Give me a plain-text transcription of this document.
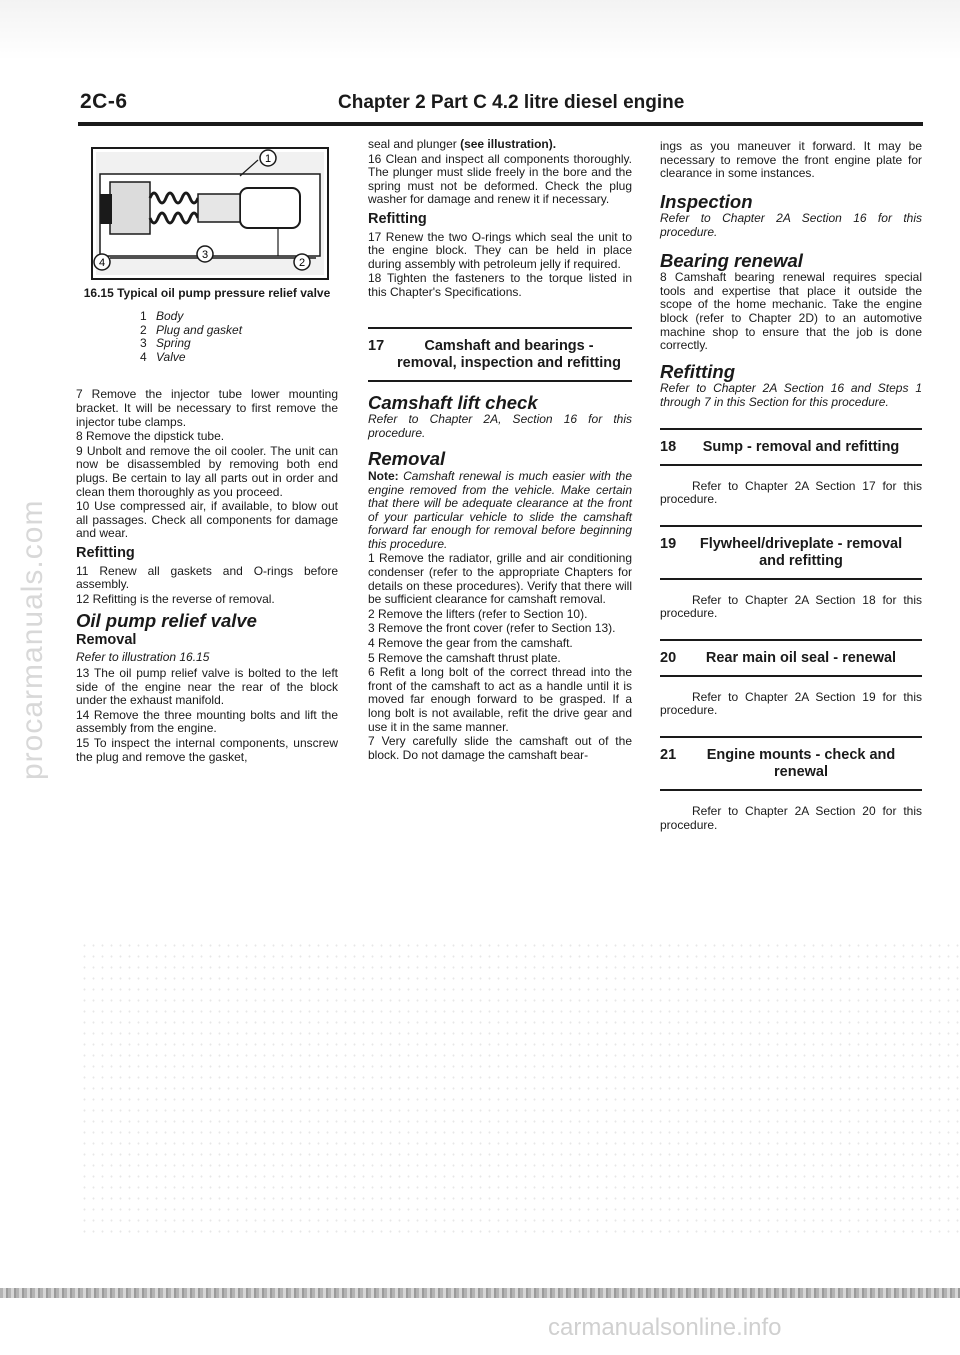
2C-6	Chapter 2 Part C 4.2 litre diesel engine
1
2
3
4
16.15 Typical oil pump pressure relief valve
1 Body
2 Plug and gasket
3 Spring
4 Valve

7 Remove the injector tube lower mounting bracket. It will be necessary to first remove the injector tube clamps.

8 Remove the dipstick tube.

9 Unbolt and remove the oil cooler. The unit can now be disassembled by removing both end plugs. Be certain to lay all parts out in order and clean them thoroughly as you proceed.

10 Use compressed air, if available, to blow out all passages. Check all components for damage and wear.

Refitting

11 Renew all gaskets and O-rings before assembly.

12 Refitting is the reverse of removal.

Oil pump relief valve
Removal

Refer to illustration 16.15

13 The oil pump relief valve is bolted to the left side of the engine near the rear of the block under the exhaust manifold.

14 Remove the three mounting bolts and lift the assembly from the engine.

15 To inspect the internal components, unscrew the plug and remove the gasket,

seal and plunger (see illustration).

16 Clean and inspect all components thoroughly. The plunger must slide freely in the bore and the spring must not be deformed. Check the plug washer for damage and renew it if necessary.

Refitting

17 Renew the two O-rings which seal the unit to the engine block. They can be held in place during assembly with petroleum jelly if required.

18 Tighten the fasteners to the torque listed in this Chapter's Specifications.

17	Camshaft and bearings - removal, inspection and refitting
Camshaft lift check

Refer to Chapter 2A, Section 16 for this procedure.

Removal

Note: Camshaft renewal is much easier with the engine removed from the vehicle. Make certain that there will be adequate clearance at the front of your particular vehicle to slide the camshaft forward far enough for removal before beginning this procedure.

1 Remove the radiator, grille and air conditioning condenser (refer to the appropriate Chapters for details on these procedures). Verify that there will be sufficient clearance for camshaft removal.

2 Remove the lifters (refer to Section 10).

3 Remove the front cover (refer to Section 13).

4 Remove the gear from the camshaft.

5 Remove the camshaft thrust plate.

6 Refit a long bolt of the correct thread into the front of the camshaft to act as a handle until it is moved far enough forward to be grasped. If a long bolt is not available, refit the drive gear and use it in the same manner.

7 Very carefully slide the camshaft out of the block. Do not damage the camshaft bear-

ings as you maneuver it forward. It may be necessary to remove the front engine plate for clearance in some instances.

Inspection

Refer to Chapter 2A Section 16 for this procedure.

Bearing renewal

8 Camshaft bearing renewal requires special tools and expertise that place it outside the scope of the home mechanic. Take the engine block (refer to Chapter 2D) to an automotive machine shop to ensure that the job is done correctly.

Refitting

Refer to Chapter 2A Section 16 and Steps 1 through 7 in this Section for this procedure.

18 Sump - removal and refitting

Refer to Chapter 2A Section 17 for this procedure.

19 Flywheel/driveplate - removal and refitting

Refer to Chapter 2A Section 18 for this procedure.

20 Rear main oil seal - renewal

Refer to Chapter 2A Section 19 for this procedure.

21 Engine mounts - check and renewal

Refer to Chapter 2A Section 20 for this procedure.

procarmanuals.com
carmanualsonline.info
